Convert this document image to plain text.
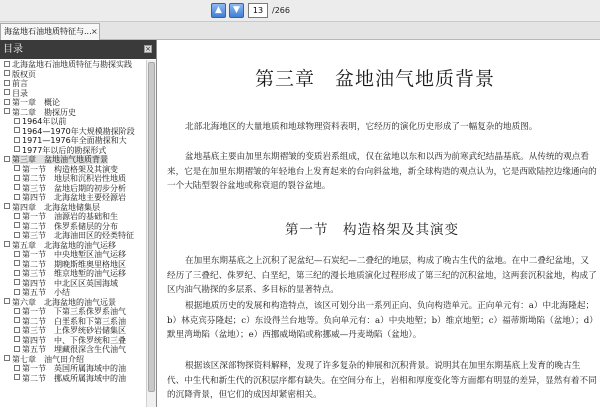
▲	▼	13	/266
海盆地石油地质特征与... ×
目录	×
北海盆地石油地质特征与勘探实践
版权页
前言
目录
第一章　概论
第二章　勘探历史
1964年以前
1964—1970年大规模勘探阶段
1971—1976年全面勘探和大
1977年以后的勘探形式
第三章　盆地油气地质背景
第一节　构造格架及其演变
第二节　地层和沉积岩性地质
第三节　盆地后期的初步分析
第四节　北海盆地主要烃源岩
第四章　北海盆地储集层
第一节　油源岩的基础和生
第二节　侏罗系储层的分布
第三节　北海油田区的烃类特征
第五章　北海盆地的油气运移
第一节　中央地堑区油气运移
第二节　期晚斯维奥里格地区
第三节　维京地堑的油气运移
第四节　中北区区英国海域
第五节　小结
第六章　北海盆地的油气远景
第一节　下第三系侏罗系油气
第二节　白垩系和下第三系油
第三节　上侏罗统砂岩储集区
第四节　中、下侏罗统和三叠
第五节　埋藏很深含生代油气
第七章　油气田介绍
第一节　英国所属海域中的油
第二节　挪威所属海域中的油
第三章　盆地油气地质背景

北部北海地区的大量地质和地球物理资料表明，它经历的演化历史形成了一幅复杂的地质图。

盆地基底主要由加里东期褶皱的变质岩系组成，仅在盆地以东和以西为前寒武纪结晶基底。从传统的观点看来，它是在加里东期褶皱的年轻地台上发育起来的台向斜盆地，新全球构造的观点认为，它是西欧陆控边缘通向的一个大陆型裂谷盆地或称衰退的裂谷盆地。

第一节　构造格架及其演变

在加里东期基底之上沉积了泥盆纪—石炭纪—二叠纪的地层，构成了晚古生代的盆地。在中二叠纪盆地，又经历了三叠纪、侏罗纪、白垩纪，第三纪的漫长地质演化过程形成了第三纪的沉积盆地，这两套沉积盆地，构成了区内油气勘探的多层系、多目标的显著特点。

根据地质历史的发展和构造特点，该区可划分出一系列正向、负向构造单元。正向单元有：a）中北海隆起；b）林克宾芬隆起；c）东设得兰台地等。负向单元有：a）中央地堑；b）维京地堑；c）福蒂斯坳陷（盆地）；d）默里湾坳陷（盆地）；e）西挪威坳陷或称挪威—丹麦坳陷（盆地）。

根据该区深部物探资料解释，发现了许多复杂的伸展和沉积背景。说明其在加里东期基底上发育的晚古生代、中生代和新生代的沉积层序都有缺失。在空间分布上，岩相和厚度变化等方面都有明显的差异，显然有着不同的沉降背景，但它们的成因却紧密相关。
